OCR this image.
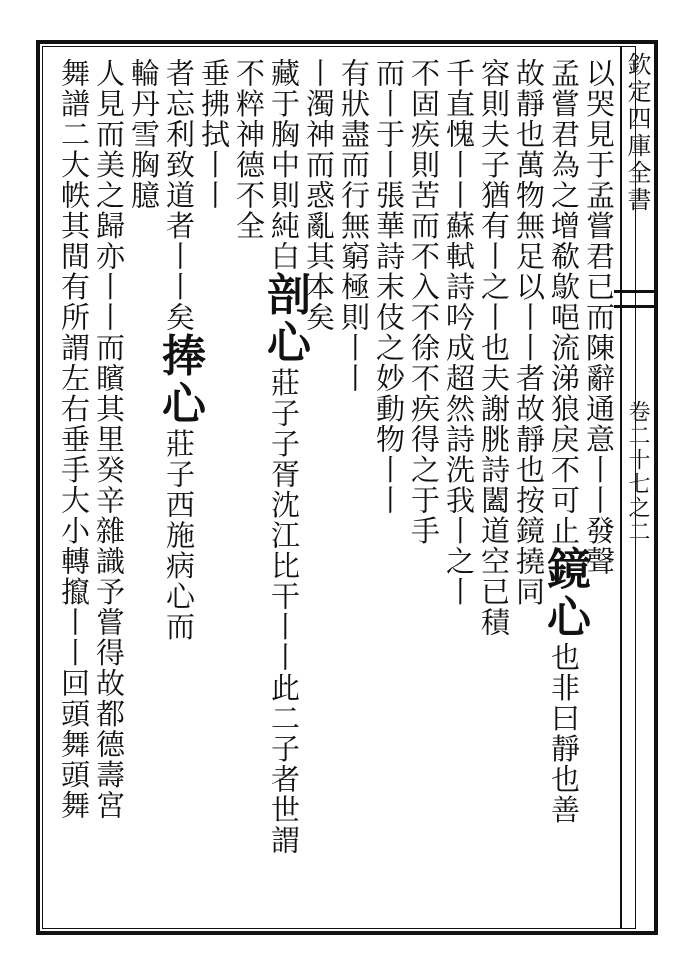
欽定四庫全書
卷二十七之二
以哭見于孟嘗君已而陳辭通意丨丨發聲
孟嘗君為之增欷歍唈流涕狼戾不可止鏡心也非曰靜也善
故靜也萬物無足以丨丨者故靜也按鏡撓同
容則夫子猶有丨之丨也夫謝朓詩闔道空已積
千直愧丨丨蘇軾詩吟成超然詩洗我丨之丨
不固疾則苦而不入不徐不疾得之于手
而丨于丨張華詩末伎之妙動物丨丨
有狀盡而行無窮極則丨丨
丨濁神而惑亂其本矣
藏于胸中則純白剖心莊子子胥沈江比干丨丨此二子者世謂
不粹神德不全
垂拂拭丨丨
者忘利致道者丨丨矣捧心莊子西施病心而
輪丹雪胸臆
人見而美之歸亦丨丨而矉其里癸辛雜識予嘗得故都德壽宮
舞譜二大帙其間有所謂左右垂手大小轉攛丨丨回頭舞頭舞
